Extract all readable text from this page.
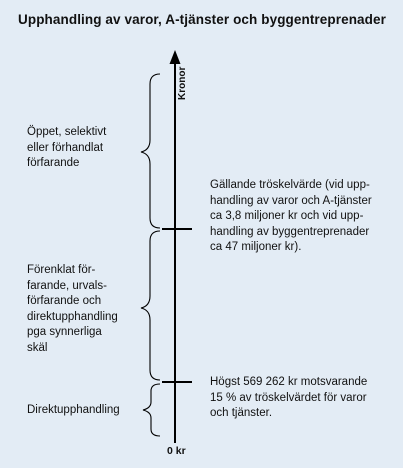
Upphandling av varor, A-tjänster och byggentreprenader
Kronor
0 kr
Öppet, selektivt
eller förhandlat
förfarande
Förenklat för-
farande, urvals-
förfarande och
direktupphandling
pga synnerliga
skäl
Direktupphandling
Gällande tröskelvärde (vid upp-
handling av varor och A-tjänster
ca 3,8 miljoner kr och vid upp-
handling av byggentreprenader
ca 47 miljoner kr).
Högst 569 262 kr motsvarande
15 % av tröskelvärdet för varor
och tjänster.
